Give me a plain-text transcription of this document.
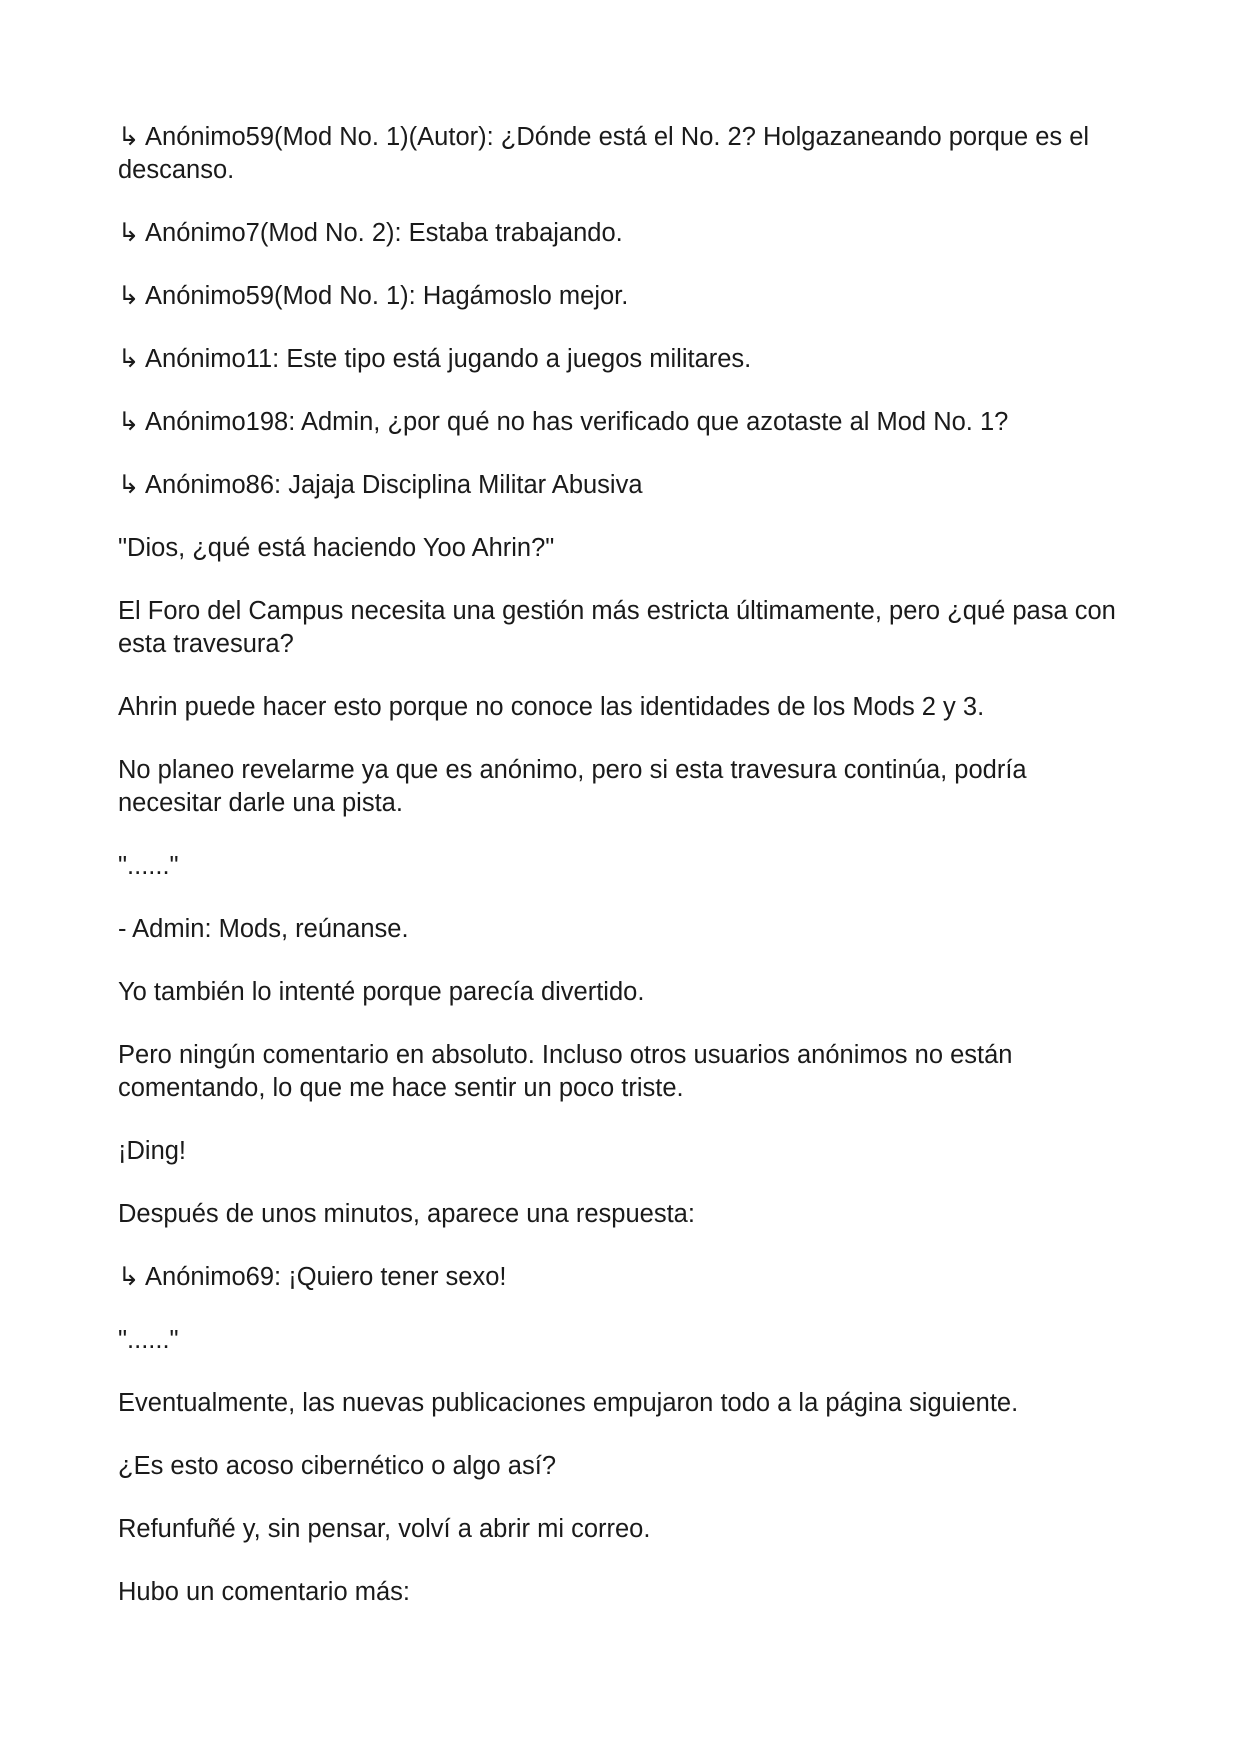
↳ Anónimo59(Mod No. 1)(Autor): ¿Dónde está el No. 2? Holgazaneando porque es el descanso.

↳ Anónimo7(Mod No. 2): Estaba trabajando.

↳ Anónimo59(Mod No. 1): Hagámoslo mejor.

↳ Anónimo11: Este tipo está jugando a juegos militares.

↳ Anónimo198: Admin, ¿por qué no has verificado que azotaste al Mod No. 1?

↳ Anónimo86: Jajaja Disciplina Militar Abusiva

"Dios, ¿qué está haciendo Yoo Ahrin?"

El Foro del Campus necesita una gestión más estricta últimamente, pero ¿qué pasa con esta travesura?

Ahrin puede hacer esto porque no conoce las identidades de los Mods 2 y 3.

No planeo revelarme ya que es anónimo, pero si esta travesura continúa, podría necesitar darle una pista.

"......"

- Admin: Mods, reúnanse.

Yo también lo intenté porque parecía divertido.

Pero ningún comentario en absoluto. Incluso otros usuarios anónimos no están comentando, lo que me hace sentir un poco triste.

¡Ding!

Después de unos minutos, aparece una respuesta:

↳ Anónimo69: ¡Quiero tener sexo!

"......"

Eventualmente, las nuevas publicaciones empujaron todo a la página siguiente.

¿Es esto acoso cibernético o algo así?

Refunfuñé y, sin pensar, volví a abrir mi correo.

Hubo un comentario más:
